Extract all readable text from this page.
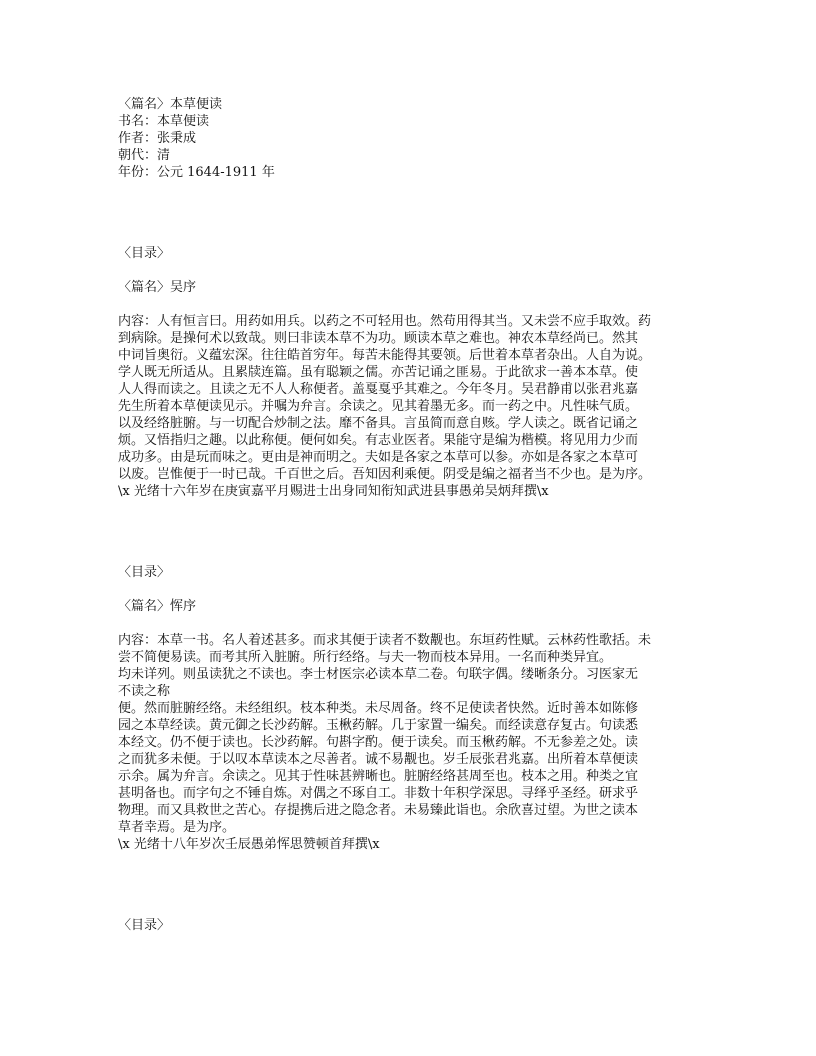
〈篇名〉本草便读
书名：本草便读
作者：张秉成
朝代：清
年份：公元 1644-1911 年
〈目录〉
〈篇名〉吴序
内容：人有恒言曰。用药如用兵。以药之不可轻用也。然苟用得其当。又未尝不应手取效。药
到病除。是操何术以致哉。则曰非读本草不为功。顾读本草之难也。神农本草经尚已。然其
中词旨奥衍。义蕴宏深。往往皓首穷年。每苦未能得其要领。后世着本草者杂出。人自为说。
学人既无所适从。且累牍连篇。虽有聪颖之儒。亦苦记诵之匪易。于此欲求一善本本草。使
人人得而读之。且读之无不人人称便者。盖戛戛乎其难之。今年冬月。吴君静甫以张君兆嘉
先生所着本草便读见示。并嘱为弁言。余读之。见其着墨无多。而一药之中。凡性味气质。
以及经络脏腑。与一切配合炒制之法。靡不备具。言虽简而意自赅。学人读之。既省记诵之
烦。又悟指归之趣。以此称便。便何如矣。有志业医者。果能守是编为楷模。将见用力少而
成功多。由是玩而味之。更由是神而明之。夫如是各家之本草可以参。亦如是各家之本草可
以废。岂惟便于一时已哉。千百世之后。吾知因利乘便。阴受是编之福者当不少也。是为序。
\x 光绪十六年岁在庚寅嘉平月赐进士出身同知衔知武进县事愚弟吴炳拜撰\x
〈目录〉
〈篇名〉恽序
内容：本草一书。名人着述甚多。而求其便于读者不数觏也。东垣药性赋。云林药性歌括。未
尝不简便易读。而考其所入脏腑。所行经络。与夫一物而枝本异用。一名而种类异宜。
均未详列。则虽读犹之不读也。李士材医宗必读本草二卷。句联字偶。缕晰条分。习医家无
不读之称
便。然而脏腑经络。未经组织。枝本种类。未尽周备。终不足使读者快然。近时善本如陈修
园之本草经读。黄元御之长沙药解。玉楸药解。几于家置一编矣。而经读意存复古。句读悉
本经文。仍不便于读也。长沙药解。句斟字酌。便于读矣。而玉楸药解。不无参差之处。读
之而犹多未便。于以叹本草读本之尽善者。诚不易觏也。岁壬辰张君兆嘉。出所着本草便读
示余。属为弁言。余读之。见其于性味甚辨晰也。脏腑经络甚周至也。枝本之用。种类之宜
甚明备也。而字句之不锤自炼。对偶之不琢自工。非数十年积学深思。寻绎乎圣经。研求乎
物理。而又具救世之苦心。存提携后进之隐念者。未易臻此诣也。余欣喜过望。为世之读本
草者幸焉。是为序。
\x 光绪十八年岁次壬辰愚弟恽思赞顿首拜撰\x
〈目录〉
